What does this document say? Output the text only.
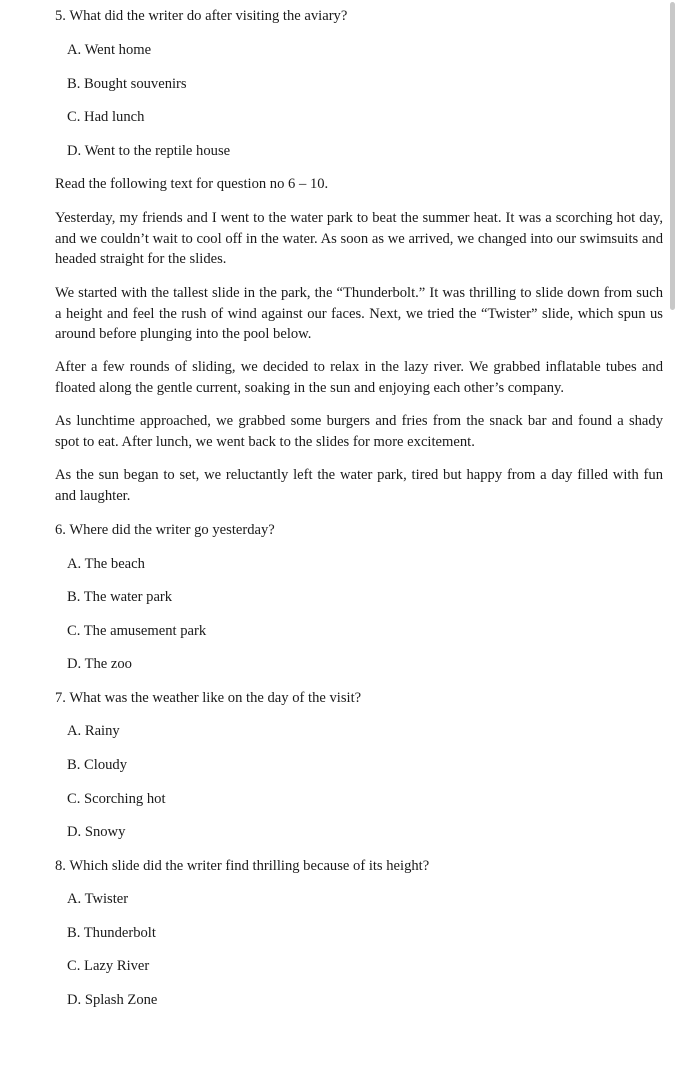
5. What did the writer do after visiting the aviary?
A. Went home
B. Bought souvenirs
C. Had lunch
D. Went to the reptile house
Read the following text for question no 6 – 10.
Yesterday, my friends and I went to the water park to beat the summer heat. It was a scorching hot day, and we couldn’t wait to cool off in the water. As soon as we arrived, we changed into our swimsuits and headed straight for the slides.
We started with the tallest slide in the park, the “Thunderbolt.” It was thrilling to slide down from such a height and feel the rush of wind against our faces. Next, we tried the “Twister” slide, which spun us around before plunging into the pool below.
After a few rounds of sliding, we decided to relax in the lazy river. We grabbed inflatable tubes and floated along the gentle current, soaking in the sun and enjoying each other’s company.
As lunchtime approached, we grabbed some burgers and fries from the snack bar and found a shady spot to eat. After lunch, we went back to the slides for more excitement.
As the sun began to set, we reluctantly left the water park, tired but happy from a day filled with fun and laughter.
6. Where did the writer go yesterday?
A. The beach
B. The water park
C. The amusement park
D. The zoo
7. What was the weather like on the day of the visit?
A. Rainy
B. Cloudy
C. Scorching hot
D. Snowy
8. Which slide did the writer find thrilling because of its height?
A. Twister
B. Thunderbolt
C. Lazy River
D. Splash Zone
